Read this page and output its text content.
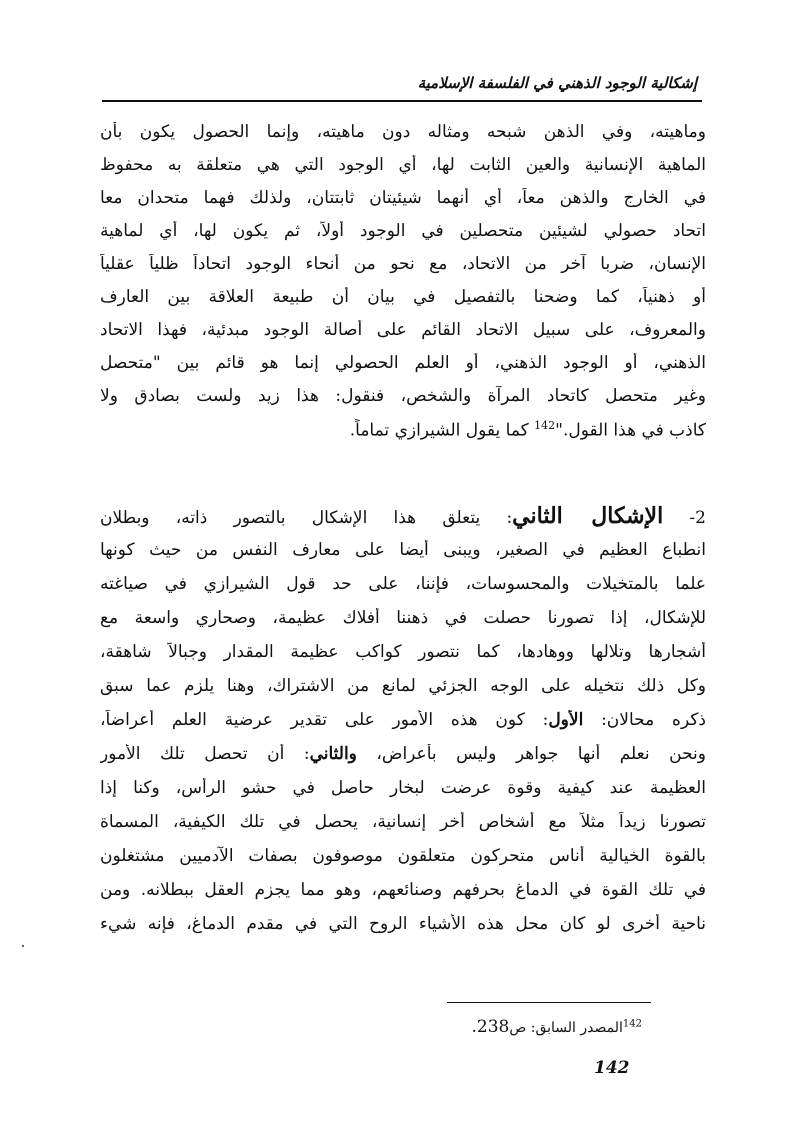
إشكالية الوجود الذهني في الفلسفة الإسلامية
وماهيته، وفي الذهن شبحه ومثاله دون ماهيته، وإنما الحصول يكون بأن
الماهية الإنسانية والعين الثابت لها، أي الوجود التي هي متعلقة به محفوظ
في الخارج والذهن معاً، أي أنهما شيئيتان ثابتتان، ولذلك فهما متحدان معا
اتحاد حصولي لشيئين متحصلين في الوجود أولاً، ثم يكون لها، أي لماهية
الإنسان، ضربا آخر من الاتحاد، مع نحو من أنحاء الوجود اتحاداً ظلياً عقلياً
أو ذهنياً، كما وضحنا بالتفصيل في بيان أن طبيعة العلاقة بين العارف
والمعروف، على سبيل الاتحاد القائم على أصالة الوجود مبدئية، فهذا الاتحاد
الذهني، أو الوجود الذهني، أو العلم الحصولي إنما هو قائم بين "متحصل
وغير متحصل كاتحاد المرآة والشخص، فنقول: هذا زيد ولست بصادق ولا
كاذب في هذا القول."$^{142}$ كما يقول الشيرازي تماماً.
2- الإشكال الثاني: يتعلق هذا الإشكال بالتصور ذاته، وبطلان
انطباع العظيم في الصغير، ويبنى أيضا على معارف النفس من حيث كونها
علما بالمتخيلات والمحسوسات، فإننا، على حد قول الشيرازي في صياغته
للإشكال، إذا تصورنا حصلت في ذهننا أفلاك عظيمة، وصحاري واسعة مع
أشجارها وتلالها ووهادها، كما نتصور كواكب عظيمة المقدار وجبالاً شاهقة،
وكل ذلك نتخيله على الوجه الجزئي لمانع من الاشتراك، وهنا يلزم عما سبق
ذكره محالان: الأول: كون هذه الأمور على تقدير عرضية العلم أعراضاً،
ونحن نعلم أنها جواهر وليس بأعراض، والثاني: أن تحصل تلك الأمور
العظيمة عند كيفية وقوة عرضت لبخار حاصل في حشو الرأس، وكنا إذا
تصورنا زيداً مثلاً مع أشخاص أخر إنسانية، يحصل في تلك الكيفية، المسماة
بالقوة الخيالية أناس متحركون متعلقون موصوفون بصفات الآدميين مشتغلون
في تلك القوة في الدماغ بحرفهم وصنائعهم، وهو مما يجزم العقل ببطلانه. ومن
ناحية أخرى لو كان محل هذه الأشياء الروح التي في مقدم الدماغ، فإنه شيء
$^{142}$المصدر السابق: ص238.
142
